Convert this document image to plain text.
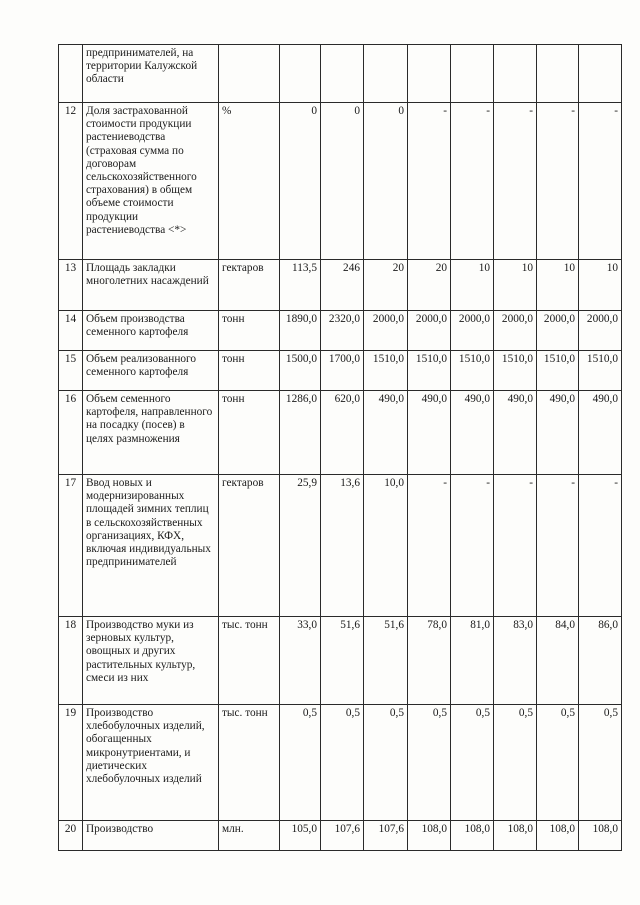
	предпринимателей, на территории Калужской области									
12	Доля застрахованной стоимости продукции растениеводства (страховая сумма по договорам сельскохозяйственного страхования) в общем объеме стоимости продукции растениеводства <*>	%	0	0	0	-	-	-	-	-
13	Площадь закладки многолетних насаждений	гектаров	113,5	246	20	20	10	10	10	10
14	Объем производства семенного картофеля	тонн	1890,0	2320,0	2000,0	2000,0	2000,0	2000,0	2000,0	2000,0
15	Объем реализованного семенного картофеля	тонн	1500,0	1700,0	1510,0	1510,0	1510,0	1510,0	1510,0	1510,0
16	Объем семенного картофеля, направленного на посадку (посев) в целях размножения	тонн	1286,0	620,0	490,0	490,0	490,0	490,0	490,0	490,0
17	Ввод новых и модернизированных площадей зимних теплиц в сельскохозяйственных организациях, КФХ, включая индивидуальных предпринимателей	гектаров	25,9	13,6	10,0	-	-	-	-	-
18	Производство муки из зерновых культур, овощных и других растительных культур, смеси из них	тыс. тонн	33,0	51,6	51,6	78,0	81,0	83,0	84,0	86,0
19	Производство хлебобулочных изделий, обогащенных микронутриентами, и диетических хлебобулочных изделий	тыс. тонн	0,5	0,5	0,5	0,5	0,5	0,5	0,5	0,5
20	Производство	млн.	105,0	107,6	107,6	108,0	108,0	108,0	108,0	108,0
